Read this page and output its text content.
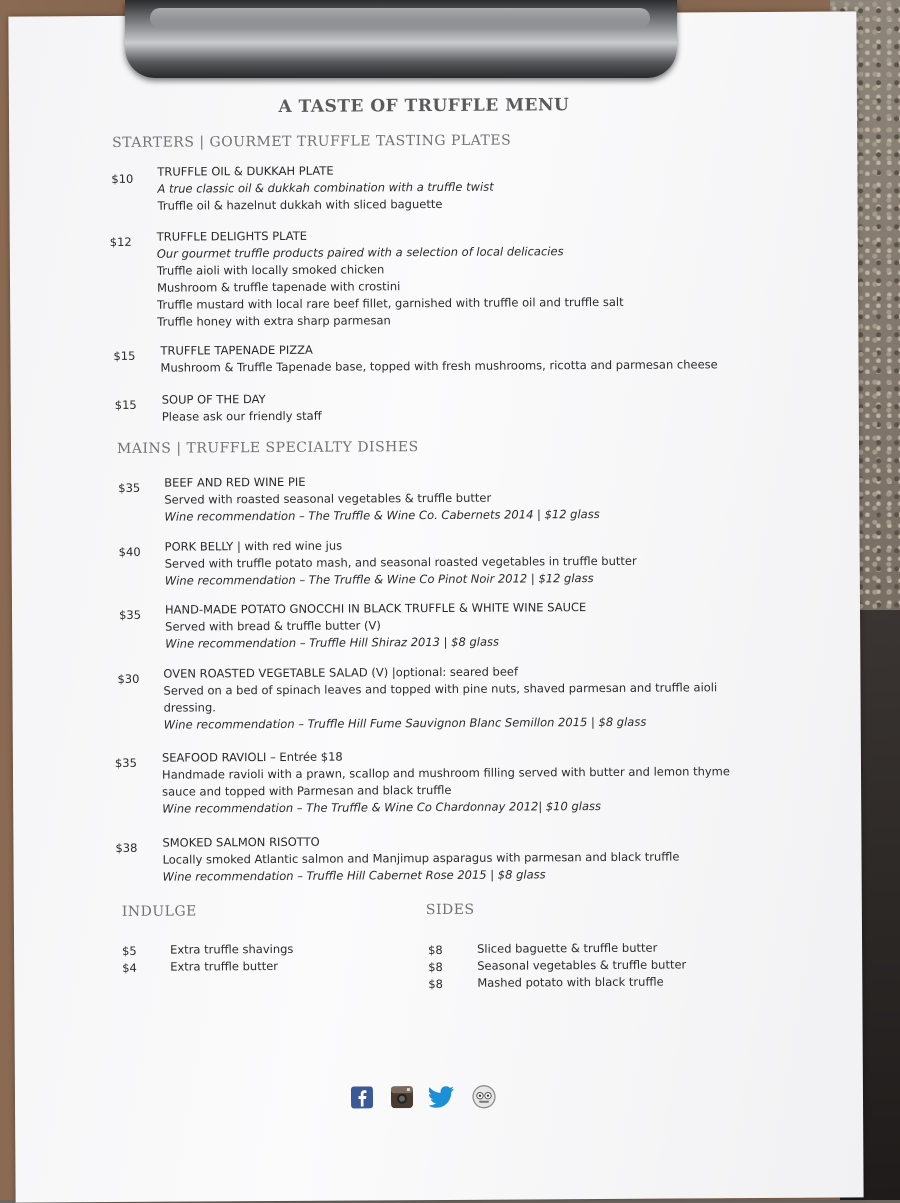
A TASTE OF TRUFFLE MENU
STARTERS | GOURMET TRUFFLE TASTING PLATES
$10
TRUFFLE OIL & DUKKAH PLATE
A true classic oil & dukkah combination with a truffle twist
Truffle oil & hazelnut dukkah with sliced baguette
$12 TRUFFLE DELIGHTS PLATE
Our gourmet truffle products paired with a selection of local delicacies
Truffle aioli with locally smoked chicken
Mushroom & truffle tapenade with crostini
Truffle mustard with local rare beef fillet, garnished with truffle oil and truffle salt
Truffle honey with extra sharp parmesan
$15 TRUFFLE TAPENADE PIZZA
Mushroom & Truffle Tapenade base, topped with fresh mushrooms, ricotta and parmesan cheese
$15 SOUP OF THE DAY
Please ask our friendly staff
MAINS | TRUFFLE SPECIALTY DISHES
$35 BEEF AND RED WINE PIE
Served with roasted seasonal vegetables & truffle butter
Wine recommendation – The Truffle & Wine Co. Cabernets 2014 | $12 glass
$40 PORK BELLY | with red wine jus
Served with truffle potato mash, and seasonal roasted vegetables in truffle butter
Wine recommendation – The Truffle & Wine Co Pinot Noir 2012 | $12 glass
$35 HAND-MADE POTATO GNOCCHI IN BLACK TRUFFLE & WHITE WINE SAUCE
Served with bread & truffle butter (V)
Wine recommendation – Truffle Hill Shiraz 2013 | $8 glass
$30 OVEN ROASTED VEGETABLE SALAD (V) |optional: seared beef
Served on a bed of spinach leaves and topped with pine nuts, shaved parmesan and truffle aioli
dressing.
Wine recommendation – Truffle Hill Fume Sauvignon Blanc Semillon 2015 | $8 glass
$35 SEAFOOD RAVIOLI – Entrée $18
Handmade ravioli with a prawn, scallop and mushroom filling served with butter and lemon thyme
sauce and topped with Parmesan and black truffle
Wine recommendation – The Truffle & Wine Co Chardonnay 2012| $10 glass
$38 SMOKED SALMON RISOTTO
Locally smoked Atlantic salmon and Manjimup asparagus with parmesan and black truffle
Wine recommendation – Truffle Hill Cabernet Rose 2015 | $8 glass
INDULGE
$5	Extra truffle shavings
$4	Extra truffle butter
SIDES
$8	Sliced baguette & truffle butter
$8	Seasonal vegetables & truffle butter
$8	Mashed potato with black truffle
